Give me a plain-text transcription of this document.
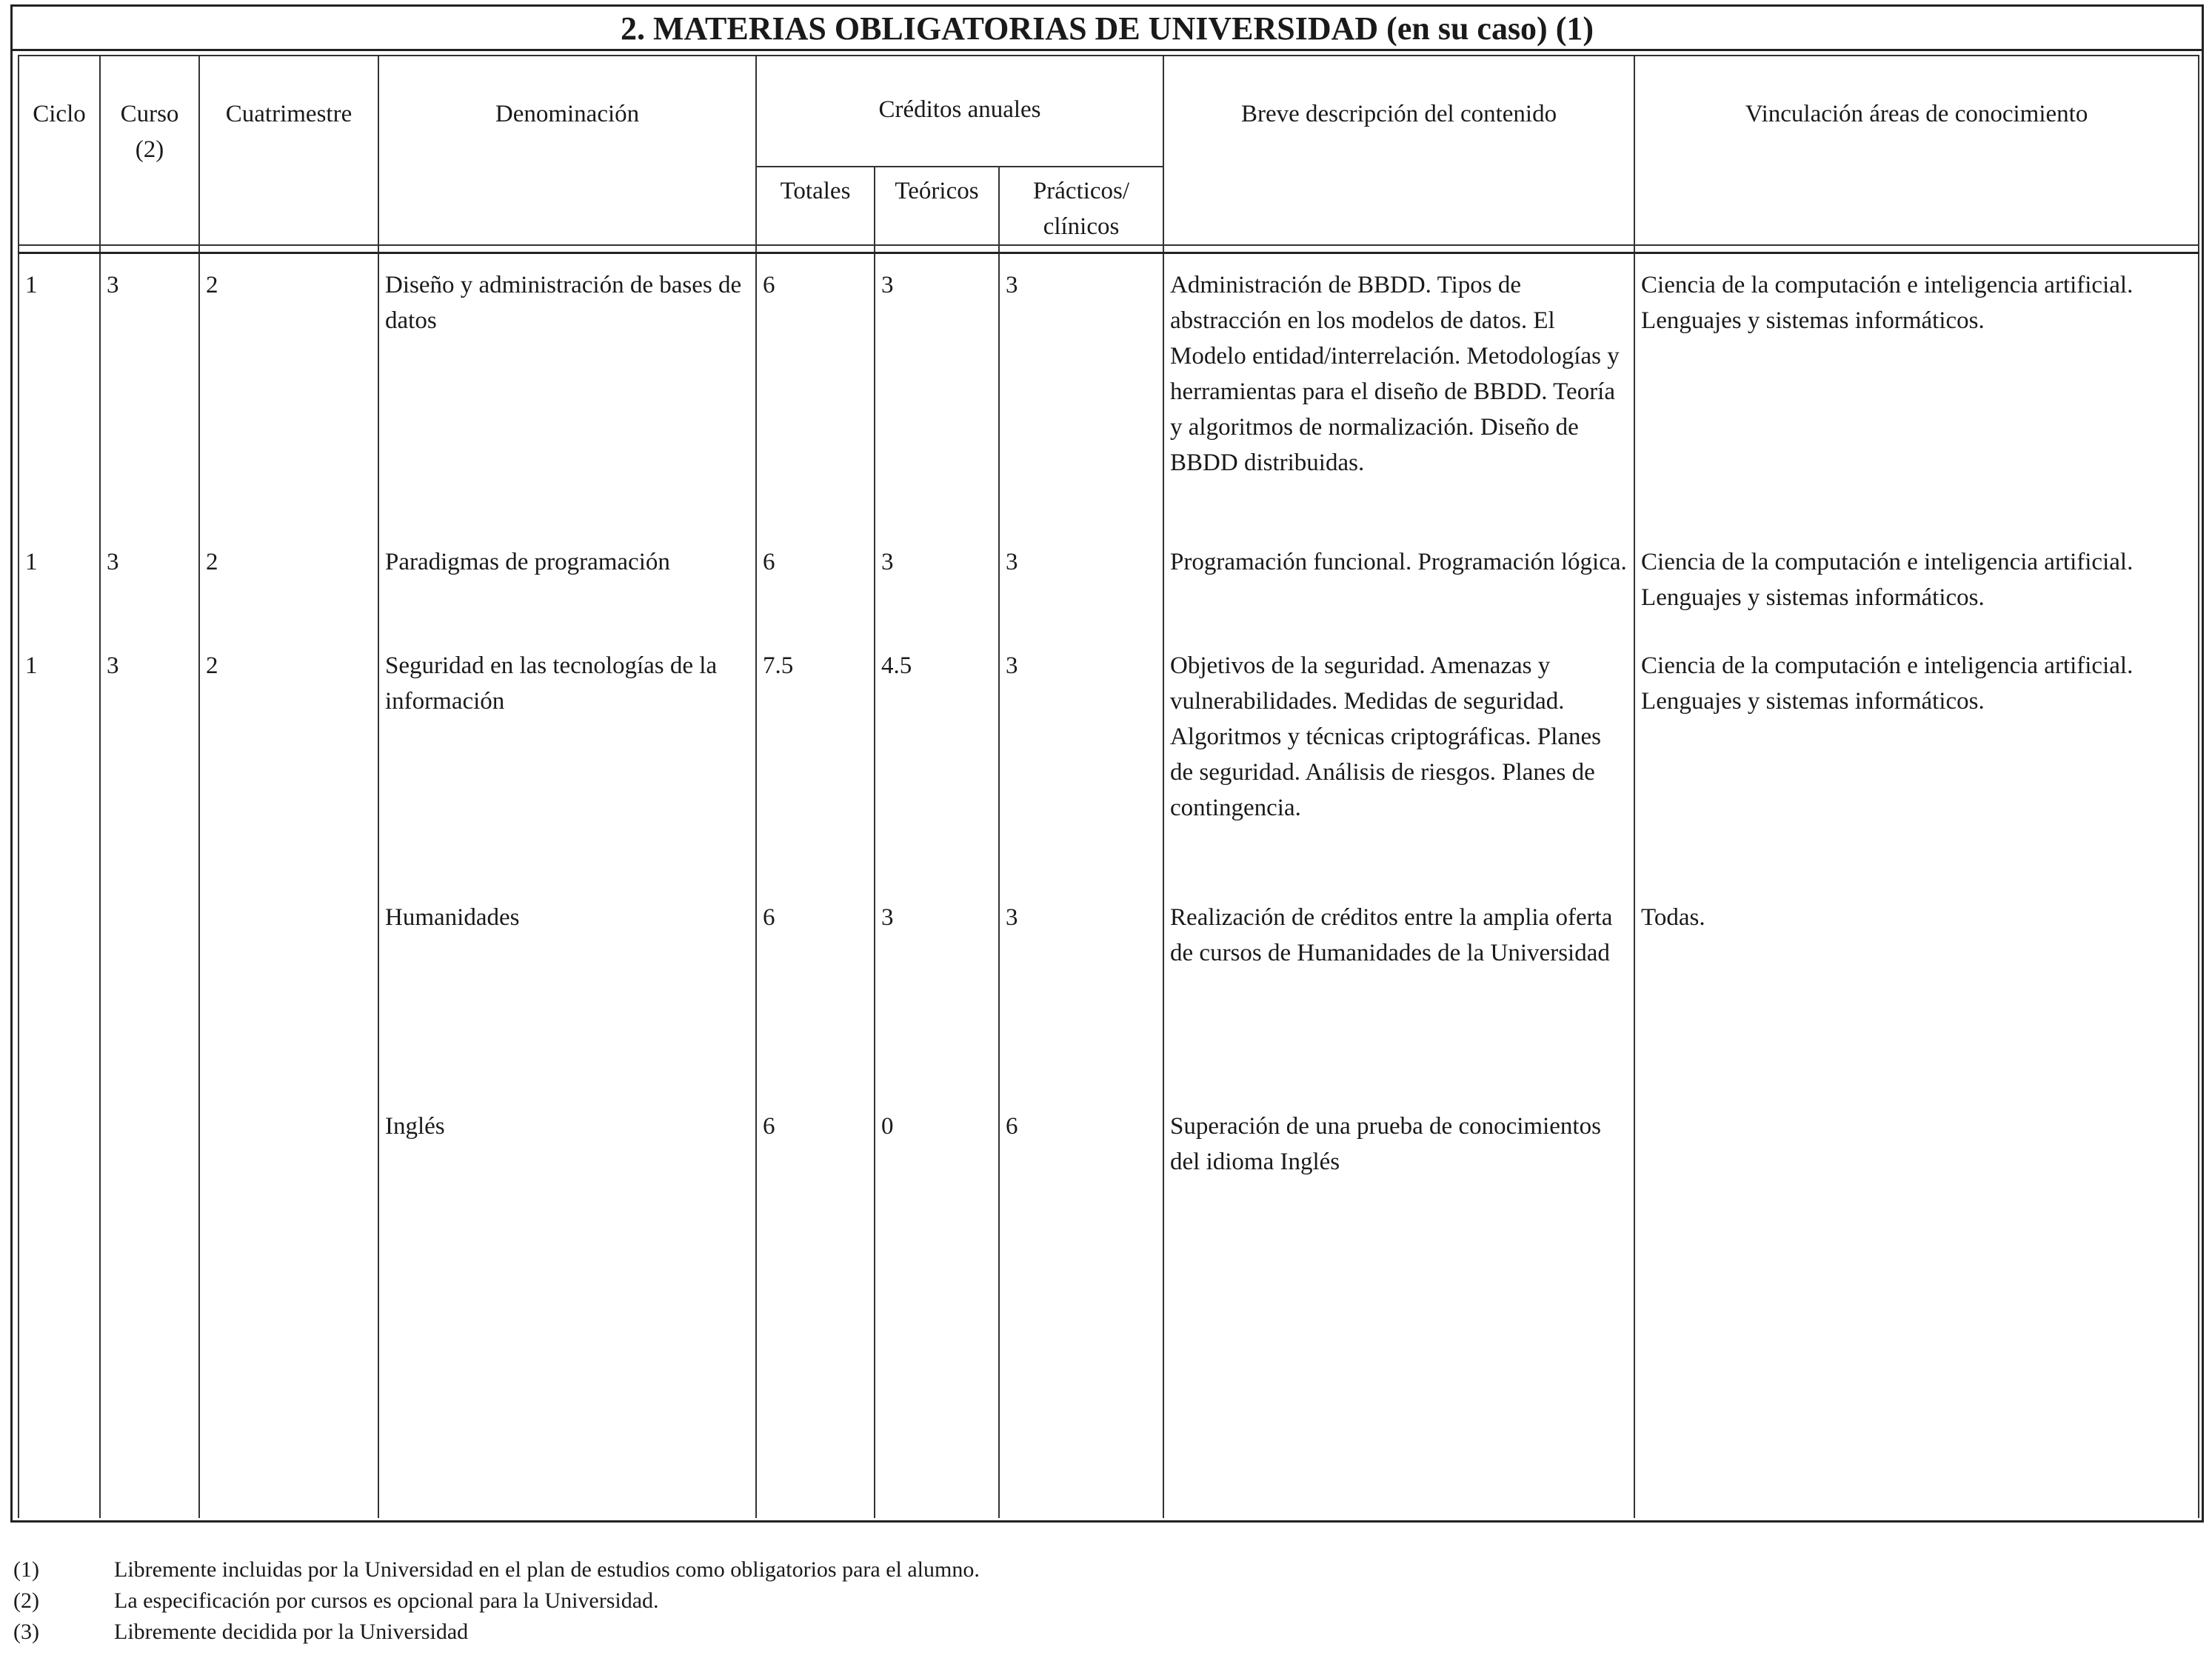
2. MATERIAS OBLIGATORIAS DE UNIVERSIDAD (en su caso) (1)
Ciclo	Curso (2)	Cuatrimestre	Denominación	Créditos anuales			Breve descripción del contenido	Vinculación áreas de conocimiento
				Totales	Teóricos	Prácticos/ clínicos		

1	3	2	Diseño y administración de bases de datos	6	3	3	Administración de BBDD. Tipos de abstracción en los modelos de datos. El Modelo entidad/interrelación. Metodologías y herramientas para el diseño de BBDD. Teoría y algoritmos de normalización. Diseño de BBDD distribuidas.	Ciencia de la computación e inteligencia artificial. Lenguajes y sistemas informáticos.
1	3	2	Paradigmas de programación	6	3	3	Programación funcional. Programación lógica.	Ciencia de la computación e inteligencia artificial. Lenguajes y sistemas informáticos.
1	3	2	Seguridad en las tecnologías de la información	7.5	4.5	3	Objetivos de la seguridad. Amenazas y vulnerabilidades. Medidas de seguridad. Algoritmos y técnicas criptográficas. Planes de seguridad. Análisis de riesgos. Planes de contingencia.	Ciencia de la computación e inteligencia artificial. Lenguajes y sistemas informáticos.
			Humanidades	6	3	3	Realización de créditos entre la amplia oferta de cursos de Humanidades de la Universidad	Todas.
			Inglés	6	0	6	Superación de una prueba de conocimientos del idioma Inglés	
(1)	Libremente incluidas por la Universidad en el plan de estudios como obligatorios para el alumno.
(2)	La especificación por cursos es opcional para la Universidad.
(3)	Libremente decidida por la Universidad
